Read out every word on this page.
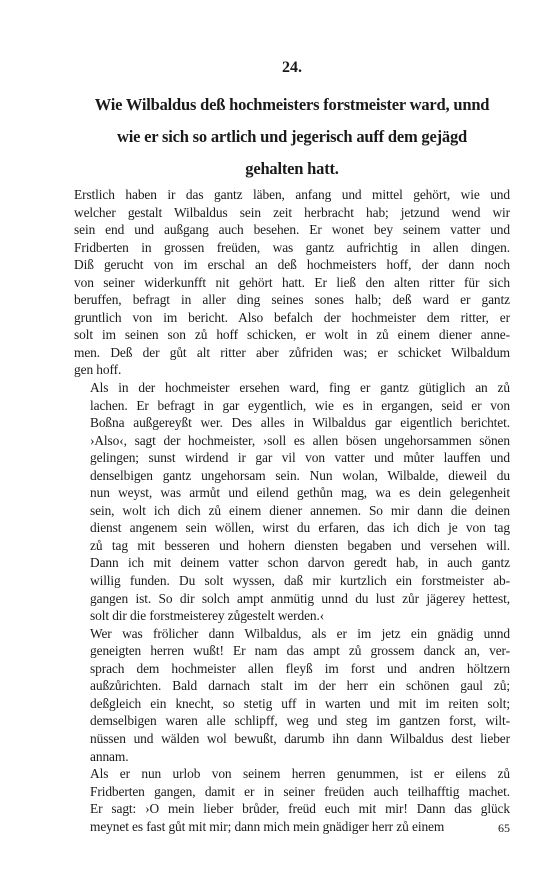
24.
Wie Wilbaldus deß hochmeisters forstmeister ward, unnd
wie er sich so artlich und jegerisch auff dem gejägd
gehalten hatt.

Erstlich haben ir das gantz läben, anfang und mittel gehört, wie und
welcher gestalt Wilbaldus sein zeit herbracht hab; jetzund wend wir
sein end und außgang auch besehen. Er wonet bey seinem vatter und
Fridberten in grossen freüden, was gantz aufrichtig in allen dingen.
Diß gerucht von im erschal an deß hochmeisters hoff, der dann noch
von seiner widerkunfft nit gehört hatt. Er ließ den alten ritter für sich
beruffen, befragt in aller ding seines sones halb; deß ward er gantz
gruntlich von im bericht. Also befalch der hochmeister dem ritter, er
solt im seinen son zů hoff schicken, er wolt in zů einem diener anne-
men. Deß der gůt alt ritter aber zůfriden was; er schicket Wilbaldum
gen hoff.

Als in der hochmeister ersehen ward, fing er gantz gütiglich an zů
lachen. Er befragt in gar eygentlich, wie es in ergangen, seid er von
Boßna außgereyßt wer. Des alles in Wilbaldus gar eigentlich berichtet.
›Also‹, sagt der hochmeister, ›soll es allen bösen ungehorsammen sönen
gelingen; sunst wirdend ir gar vil von vatter und můter lauffen und
denselbigen gantz ungehorsam sein. Nun wolan, Wilbalde, dieweil du
nun weyst, was armůt und eilend gethůn mag, wa es dein gelegenheit
sein, wolt ich dich zů einem diener annemen. So mir dann die deinen
dienst angenem sein wöllen, wirst du erfaren, das ich dich je von tag
zů tag mit besseren und hohern diensten begaben und versehen will.
Dann ich mit deinem vatter schon darvon geredt hab, in auch gantz
willig funden. Du solt wyssen, daß mir kurtzlich ein forstmeister ab-
gangen ist. So dir solch ampt anmütig unnd du lust zůr jägerey hettest,
solt dir die forstmeisterey zůgestelt werden.‹

Wer was frölicher dann Wilbaldus, als er im jetz ein gnädig unnd
geneigten herren wußt! Er nam das ampt zů grossem danck an, ver-
sprach dem hochmeister allen fleyß im forst und andren höltzern
außzůrichten. Bald darnach stalt im der herr ein schönen gaul zů;
deßgleich ein knecht, so stetig uff in warten und mit im reiten solt;
demselbigen waren alle schlipff, weg und steg im gantzen forst, wilt-
nüssen und wälden wol bewußt, darumb ihn dann Wilbaldus dest lieber
annam.

Als er nun urlob von seinem herren genummen, ist er eilens zů
Fridberten gangen, damit er in seiner freüden auch teilhafftig machet.
Er sagt: ›O mein lieber brůder, freüd euch mit mir! Dann das glück
meynet es fast gůt mit mir; dann mich mein gnädiger herr zů einem	65
